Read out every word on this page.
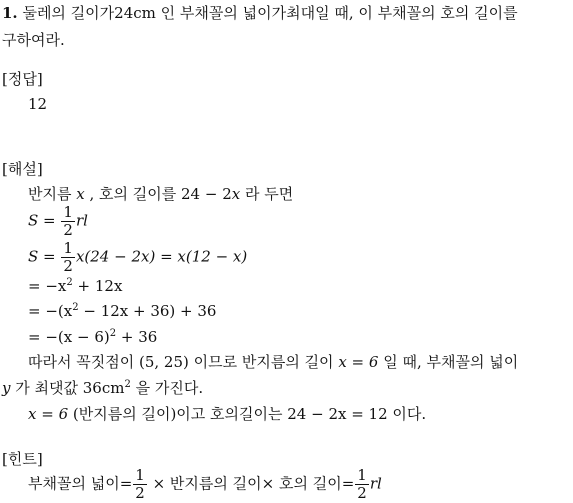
1. 둘레의 길이가24cm 인 부채꼴의 넓이가최대일 때, 이 부채꼴의 호의 길이를
구하여라.
[정답]
12
[해설]
반지름 x , 호의 길이를 24 − 2x 라 두면
$S = \frac{1}{2}$ rl
$S = \frac{1}{2} x(24 - 2x) = x(12 - x)$
= $-x^2 + 12x$
= $-(x^2 - 12x + 36) + 36$
= $-(x - 6)^2 + 36$
따라서 꼭짓점이 (5, 25) 이므로 반지름의 길이 x = 6 일 때, 부채꼴의 넓이
y 가 최댓값 $36cm^2$ 을 가진다.
x = 6 (반지름의 길이)이고 호의길이는 24 − 2x = 12 이다.
[힌트]
부채꼴의 넓이= $\frac{1}{2}$ × 반지름의 길이× 호의 길이= $\frac{1}{2}$ rl
